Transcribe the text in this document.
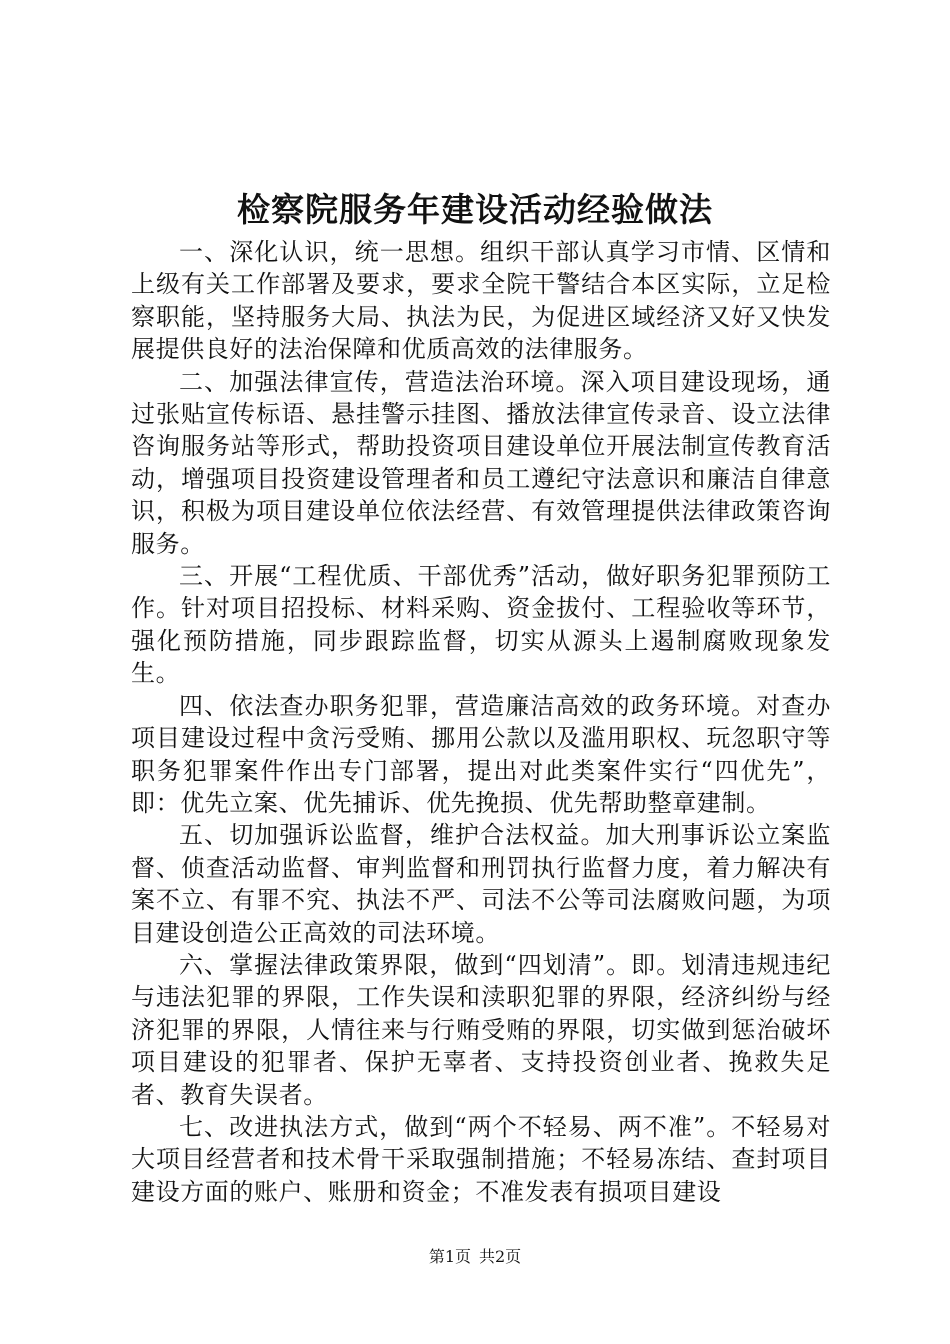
检察院服务年建设活动经验做法

一、深化认识，统一思想。组织干部认真学习市情、区情和上级有关工作部署及要求，要求全院干警结合本区实际，立足检察职能，坚持服务大局、执法为民，为促进区域经济又好又快发展提供良好的法治保障和优质高效的法律服务。

二、加强法律宣传，营造法治环境。深入项目建设现场，通过张贴宣传标语、悬挂警示挂图、播放法律宣传录音、设立法律咨询服务站等形式，帮助投资项目建设单位开展法制宣传教育活动，增强项目投资建设管理者和员工遵纪守法意识和廉洁自律意识，积极为项目建设单位依法经营、有效管理提供法律政策咨询服务。

三、开展“工程优质、干部优秀”活动，做好职务犯罪预防工作。针对项目招投标、材料采购、资金拔付、工程验收等环节，强化预防措施，同步跟踪监督，切实从源头上遏制腐败现象发生。

四、依法查办职务犯罪，营造廉洁高效的政务环境。对查办项目建设过程中贪污受贿、挪用公款以及滥用职权、玩忽职守等职务犯罪案件作出专门部署，提出对此类案件实行“四优先”，即：优先立案、优先捕诉、优先挽损、优先帮助整章建制。

五、切加强诉讼监督，维护合法权益。加大刑事诉讼立案监督、侦查活动监督、审判监督和刑罚执行监督力度，着力解决有案不立、有罪不究、执法不严、司法不公等司法腐败问题，为项目建设创造公正高效的司法环境。

六、掌握法律政策界限，做到“四划清”。即。划清违规违纪与违法犯罪的界限，工作失误和渎职犯罪的界限，经济纠纷与经济犯罪的界限，人情往来与行贿受贿的界限，切实做到惩治破坏项目建设的犯罪者、保护无辜者、支持投资创业者、挽救失足者、教育失误者。

七、改进执法方式，做到“两个不轻易、两不准”。不轻易对大项目经营者和技术骨干采取强制措施；不轻易冻结、查封项目建设方面的账户、账册和资金；不准发表有损项目建设

第1页 共2页
